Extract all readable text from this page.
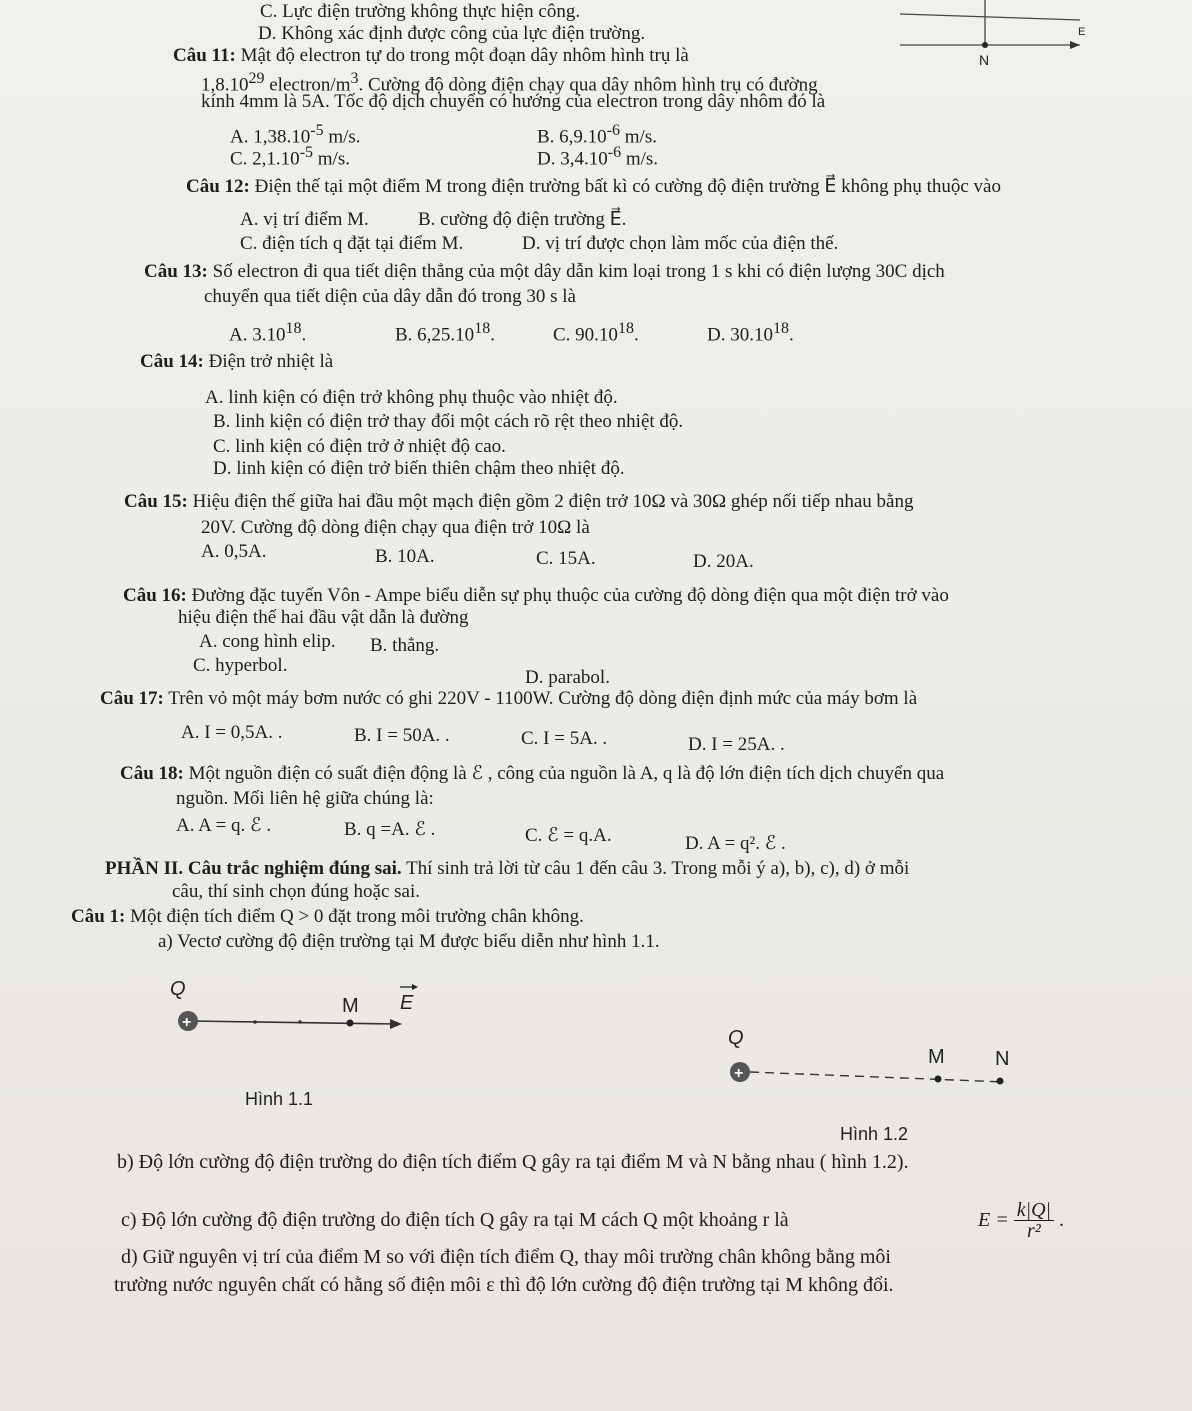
C. Lực điện trường không thực hiện công.
D. Không xác định được công của lực điện trường.
N
E
Câu 11: Mật độ electron tự do trong một đoạn dây nhôm hình trụ là
1,8.10$^{29}$ electron/$m^3$. Cường độ dòng điện chạy qua dây nhôm hình trụ có đường
kính 4mm là 5A. Tốc độ dịch chuyển có hướng của electron trong dây nhôm đó là
A. $1,38.10^{-5}$ m/s.	B. $6,9.10^{-6}$ m/s.
C. $2,1.10^{-5}$ m/s.	D. $3,4.10^{-6}$ m/s.
Câu 12: Điện thế tại một điểm M trong điện trường bất kì có cường độ điện trường E⃗ không phụ thuộc vào
A. vị trí điểm M.	B. cường độ điện trường E⃗.
C. điện tích q đặt tại điểm M.	D. vị trí được chọn làm mốc của điện thế.
Câu 13: Số electron đi qua tiết diện thẳng của một dây dẫn kim loại trong 1 s khi có điện lượng 30C dịch
chuyển qua tiết diện của dây dẫn đó trong 30 s là
A. 3.10$^{18}$.	B. 6,25.10$^{18}$.	C. 90.10$^{18}$.	D. 30.10$^{18}$.
Câu 14: Điện trở nhiệt là
A. linh kiện có điện trở không phụ thuộc vào nhiệt độ.
B. linh kiện có điện trở thay đổi một cách rõ rệt theo nhiệt độ.
C. linh kiện có điện trở ở nhiệt độ cao.
D. linh kiện có điện trở biến thiên chậm theo nhiệt độ.
Câu 15: Hiệu điện thế giữa hai đầu một mạch điện gồm 2 điện trở 10Ω và 30Ω ghép nối tiếp nhau bằng
20V. Cường độ dòng điện chạy qua điện trở 10Ω là
A. 0,5A.	B. 10A.	C. 15A.	D. 20A.
Câu 16: Đường đặc tuyến Vôn - Ampe biểu diễn sự phụ thuộc của cường độ dòng điện qua một điện trở vào
hiệu điện thế hai đầu vật dẫn là đường
A. cong hình elip. B. thẳng.
C. hyperbol.
D. parabol.
Câu 17: Trên vỏ một máy bơm nước có ghi 220V - 1100W. Cường độ dòng điện định mức của máy bơm là
A. I = 0,5A. .	B. I = 50A. .	C. I = 5A. .	D. I = 25A. .
Câu 18: Một nguồn điện có suất điện động là ℰ , công của nguồn là A, q là độ lớn điện tích dịch chuyển qua
nguồn. Mối liên hệ giữa chúng là:
A. A = q. ℰ .	B. q =A. ℰ .	C. ℰ = q.A.	D. A = q². ℰ .
PHẦN II. Câu trắc nghiệm đúng sai. Thí sinh trả lời từ câu 1 đến câu 3. Trong mỗi ý a), b), c), d) ở mỗi
câu, thí sinh chọn đúng hoặc sai.
Câu 1: Một điện tích điểm Q > 0 đặt trong môi trường chân không.
a) Vectơ cường độ điện trường tại M được biểu diễn như hình 1.1.
Q
+
M E
Hình 1.1
Q
+
M	N
Hình 1.2
b) Độ lớn cường độ điện trường do điện tích điểm Q gây ra tại điểm M và N bằng nhau ( hình 1.2).
c) Độ lớn cường độ điện trường do điện tích Q gây ra tại M cách Q một khoảng r là	$E = \frac{k|Q|}{\text{r²}}$ .
d) Giữ nguyên vị trí của điểm M so với điện tích điểm Q, thay môi trường chân không bằng môi
trường nước nguyên chất có hằng số điện môi ε thì độ lớn cường độ điện trường tại M không đổi.
